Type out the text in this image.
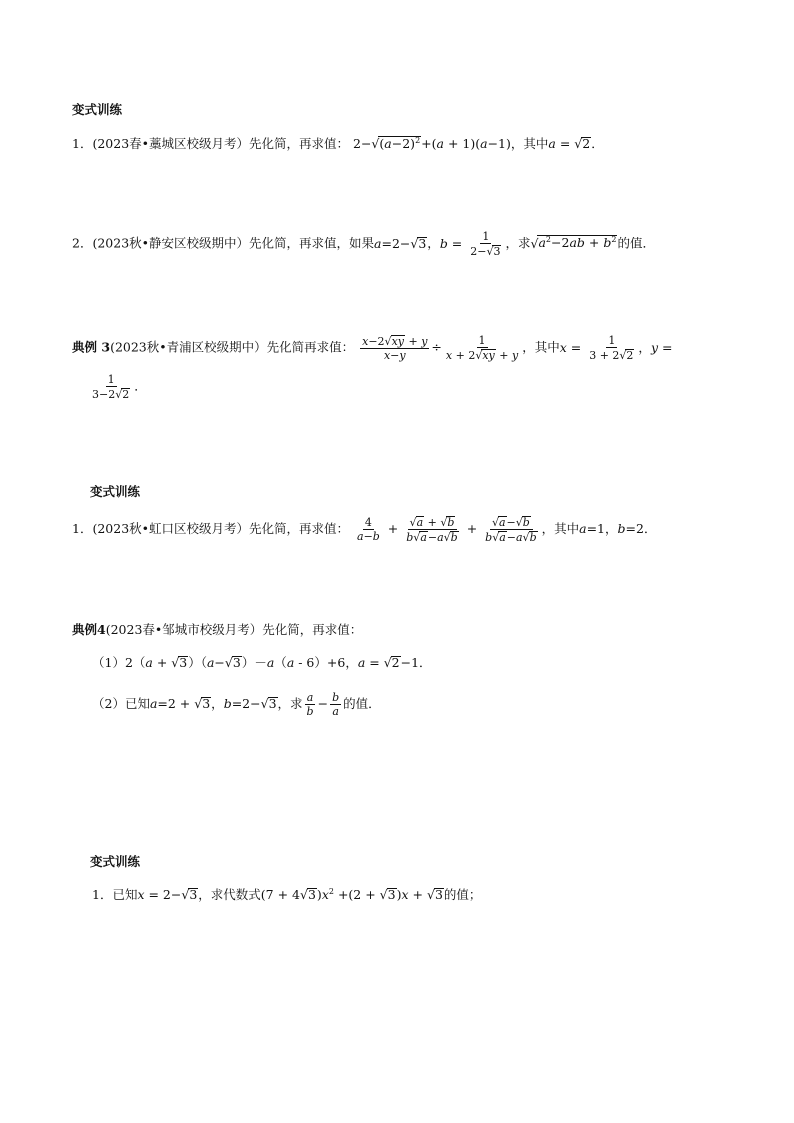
变式训练
1．(2023春•藁城区校级月考）先化简，再求值： $2-√(a-2)^2+(a + 1)(a-1)$，其中a = √2．
2．(2023秋•静安区校级期中）先化简，再求值，如果a=2−√3，$b = \frac{1}{2-√3}$ ，求$√a^2-2ab + b^2$的值．
典例 3(2023秋•青浦区校级期中）先化简再求值： $\frac{x-2√xy + y}{x-y} \div \frac{1}{x + 2√xy + y}$ ，其中$x = \frac{1}{3 + 2√2}$ ，y =
$\frac{1}{3-2√2}$ ．
变式训练
1．(2023秋•虹口区校级月考）先化简，再求值： $\frac{4}{a-b} + \frac{√a + √b}{b√a-a√b} + \frac{√a-√b}{b√a-a√b}$ ，其中a=1，b=2．
典例4(2023春•邹城市校级月考）先化简，再求值：
（1）2（a + √3）（a−√3）－a（a - 6）+6，a = √2−1．
（2）已知a=2 + √3，b=2−√3，求 $\frac{a}{b} - \frac{b}{a}$ 的值．
变式训练
1．已知x = 2−√3，求代数式$(7 + 4√3)x^2 +(2 + √3)x + √3$的值；
